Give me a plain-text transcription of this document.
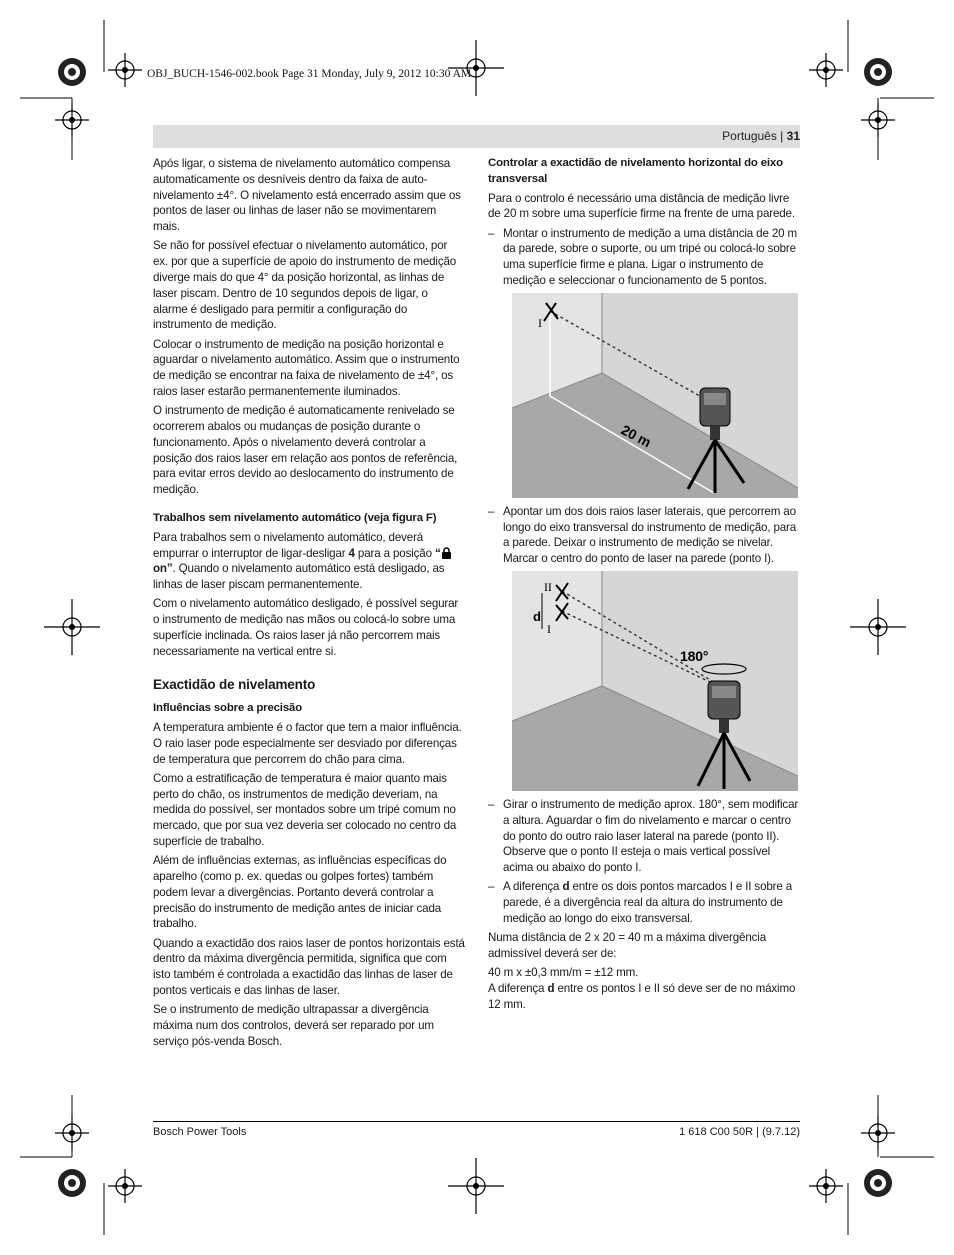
OBJ_BUCH-1546-002.book Page 31 Monday, July 9, 2012 10:30 AM
Português | 31

Após ligar, o sistema de nivelamento automático compensa automaticamente os desníveis dentro da faixa de auto-nivelamento ±4°. O nivelamento está encerrado assim que os pontos de laser ou linhas de laser não se movimentarem mais.

Se não for possível efectuar o nivelamento automático, por ex. por que a superfície de apoio do instrumento de medição diverge mais do que 4° da posição horizontal, as linhas de laser piscam. Dentro de 10 segundos depois de ligar, o alarme é desligado para permitir a configuração do instrumento de medição.

Colocar o instrumento de medição na posição horizontal e aguardar o nivelamento automático. Assim que o instrumento de medição se encontrar na faixa de nivelamento de ±4°, os raios laser estarão permanentemente iluminados.

O instrumento de medição é automaticamente renivelado se ocorrerem abalos ou mudanças de posição durante o funcionamento. Após o nivelamento deverá controlar a posição dos raios laser em relação aos pontos de referência, para evitar erros devido ao deslocamento do instrumento de medição.

Trabalhos sem nivelamento automático (veja figura F)

Para trabalhos sem o nivelamento automático, deverá empurrar o interruptor de ligar-desligar 4 para a posição “ on”. Quando o nivelamento automático está desligado, as linhas de laser piscam permanentemente.

Com o nivelamento automático desligado, é possível segurar o instrumento de medição nas mãos ou colocá-lo sobre uma superfície inclinada. Os raios laser já não percorrem mais necessariamente na vertical entre si.

Exactidão de nivelamento
Influências sobre a precisão

A temperatura ambiente é o factor que tem a maior influência. O raio laser pode especialmente ser desviado por diferenças de temperatura que percorrem do chão para cima.

Como a estratificação de temperatura é maior quanto mais perto do chão, os instrumentos de medição deveriam, na medida do possível, ser montados sobre um tripé comum no mercado, que por sua vez deveria ser colocado no centro da superfície de trabalho.

Além de influências externas, as influências específicas do aparelho (como p. ex. quedas ou golpes fortes) também podem levar a divergências. Portanto deverá controlar a precisão do instrumento de medição antes de iniciar cada trabalho.

Quando a exactidão dos raios laser de pontos horizontais está dentro da máxima divergência permitida, significa que com isto também é controlada a exactidão das linhas de laser de pontos verticais e das linhas de laser.

Se o instrumento de medição ultrapassar a divergência máxima num dos controlos, deverá ser reparado por um serviço pós-venda Bosch.

Controlar a exactidão de nivelamento horizontal do eixo transversal

Para o controlo é necessário uma distância de medição livre de 20 m sobre uma superfície firme na frente de uma parede.

– Montar o instrumento de medição a uma distância de 20 m da parede, sobre o suporte, ou um tripé ou colocá-lo sobre uma superfície firme e plana. Ligar o instrumento de medição e seleccionar o funcionamento de 5 pontos.
I
20 m
– Apontar um dos dois raios laser laterais, que percorrem ao longo do eixo transversal do instrumento de medição, para a parede. Deixar o instrumento de medição se nivelar. Marcar o centro do ponto de laser na parede (ponto I).
II
I
d
180°
– Girar o instrumento de medição aprox. 180°, sem modificar a altura. Aguardar o fim do nivelamento e marcar o centro do ponto do outro raio laser lateral na parede (ponto II). Observe que o ponto II esteja o mais vertical possível acima ou abaixo do ponto I.
– A diferença d entre os dois pontos marcados I e II sobre a parede, é a divergência real da altura do instrumento de medição ao longo do eixo transversal.

Numa distância de 2 x 20 = 40 m a máxima divergência admissível deverá ser de:

40 m x ±0,3 mm/m = ±12 mm.

A diferença d entre os pontos I e II só deve ser de no máximo 12 mm.

Bosch Power Tools	1 618 C00 50R | (9.7.12)
